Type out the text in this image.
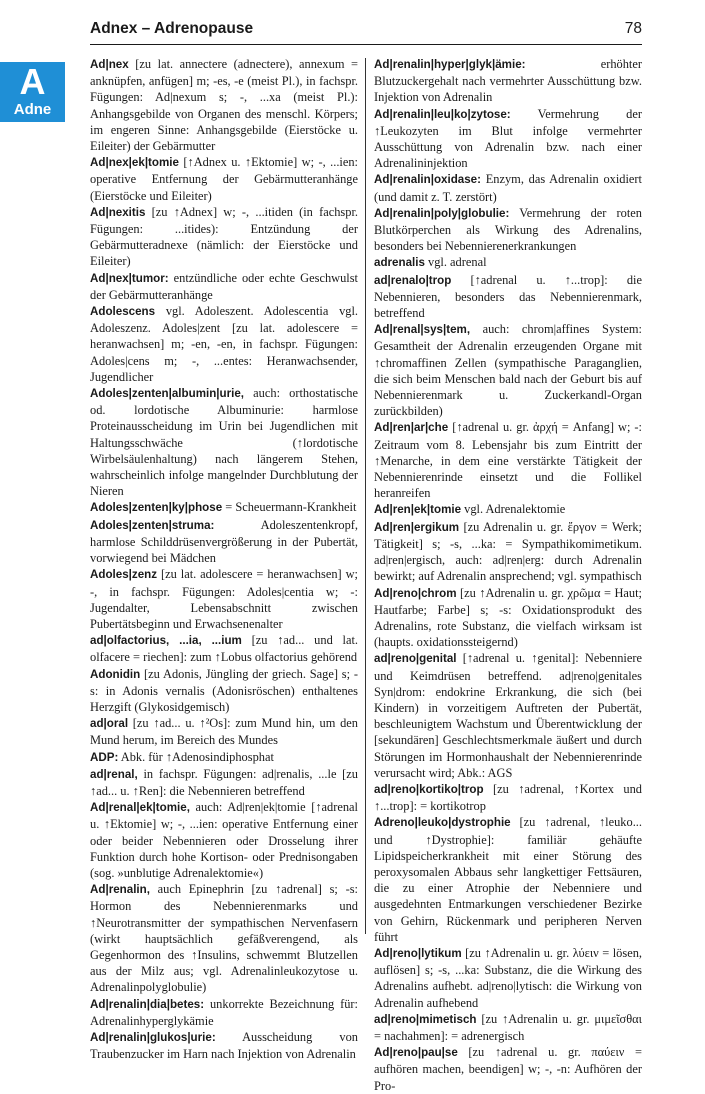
Adnex – Adrenopause	78
A
Adne

Ad|nex [zu lat. annectere (adnectere), annexum = anknüpfen, anfügen] m; -es, -e (meist Pl.), in fachspr. Fügungen: Ad|nexum s; -, ...xa (meist Pl.): Anhangsgebilde von Organen des menschl. Körpers; im engeren Sinne: Anhangsgebilde (Eierstöcke u. Eileiter) der Gebärmutter

Ad|nex|ek|tomie [↑Adnex u. ↑Ektomie] w; -, ...ien: operative Entfernung der Gebärmutteranhänge (Eierstöcke und Eileiter)

Ad|nexitis [zu ↑Adnex] w; -, ...itiden (in fachspr. Fügungen: ...itides): Entzündung der Gebärmutteradnexe (nämlich: der Eierstöcke und Eileiter)

Ad|nex|tumor: entzündliche oder echte Geschwulst der Gebärmutteranhänge

Adolescens vgl. Adoleszent. Adolescentia vgl. Adoleszenz. Adoles|zent [zu lat. adolescere = heranwachsen] m; -en, -en, in fachspr. Fügungen: Adoles|cens m; -, ...entes: Heranwachsender, Jugendlicher

Adoles|zenten|albumin|urie, auch: orthostatische od. lordotische Albuminurie: harmlose Proteinausscheidung im Urin bei Jugendlichen mit Haltungsschwäche (↑lordotische Wirbelsäulenhaltung) nach längerem Stehen, wahrscheinlich infolge mangelnder Durchblutung der Nieren

Adoles|zenten|ky|phose = Scheuermann-Krankheit

Adoles|zenten|struma: Adoleszentenkropf, harmlose Schilddrüsenvergrößerung in der Pubertät, vorwiegend bei Mädchen

Adoles|zenz [zu lat. adolescere = heranwachsen] w; -, in fachspr. Fügungen: Adoles|centia w; -: Jugendalter, Lebensabschnitt zwischen Pubertätsbeginn und Erwachsenenalter

ad|olfactorius, ...ia, ...ium [zu ↑ad... und lat. olfacere = riechen]: zum ↑Lobus olfactorius gehörend

Adonidin [zu Adonis, Jüngling der griech. Sage] s; -s: in Adonis vernalis (Adonisröschen) enthaltenes Herzgift (Glykosidgemisch)

ad|oral [zu ↑ad... u. ↑²Os]: zum Mund hin, um den Mund herum, im Bereich des Mundes

ADP: Abk. für ↑Adenosindiphosphat

ad|renal, in fachspr. Fügungen: ad|renalis, ...le [zu ↑ad... u. ↑Ren]: die Nebennieren betreffend

Ad|renal|ek|tomie, auch: Ad|ren|ek|tomie [↑adrenal u. ↑Ektomie] w; -, ...ien: operative Entfernung einer oder beider Nebennieren oder Drosselung ihrer Funktion durch hohe Kortison- oder Prednisongaben (sog. »unblutige Adrenalektomie«)

Ad|renalin, auch Epinephrin [zu ↑adrenal] s; -s: Hormon des Nebennierenmarks und ↑Neurotransmitter der sympathischen Nervenfasern (wirkt hauptsächlich gefäßverengend, als Gegenhormon des ↑Insulins, schwemmt Blutzellen aus der Milz aus; vgl. Adrenalinleukozytose u. Adrenalinpolyglobulie)

Ad|renalin|dia|betes: unkorrekte Bezeichnung für: Adrenalinhyperglykämie

Ad|renalin|glukos|urie: Ausscheidung von Traubenzucker im Harn nach Injektion von Adrenalin

Ad|renalin|hyper|glyk|ämie: erhöhter Blutzuckergehalt nach vermehrter Ausschüttung bzw. Injektion von Adrenalin

Ad|renalin|leu|ko|zytose: Vermehrung der ↑Leukozyten im Blut infolge vermehrter Ausschüttung von Adrenalin bzw. nach einer Adrenalininjektion

Ad|renalin|oxidase: Enzym, das Adrenalin oxidiert (und damit z. T. zerstört)

Ad|renalin|poly|globulie: Vermehrung der roten Blutkörperchen als Wirkung des Adrenalins, besonders bei Nebennierenerkrankungen

adrenalis vgl. adrenal

ad|renalo|trop [↑adrenal u. ↑...trop]: die Nebennieren, besonders das Nebennierenmark, betreffend

Ad|renal|sys|tem, auch: chrom|affines System: Gesamtheit der Adrenalin erzeugenden Organe mit ↑chromaffinen Zellen (sympathische Paraganglien, die sich beim Menschen bald nach der Geburt bis auf Nebennierenmark u. Zuckerkandl-Organ zurückbilden)

Ad|ren|ar|che [↑adrenal u. gr. ἀρχή = Anfang] w; -: Zeitraum vom 8. Lebensjahr bis zum Eintritt der ↑Menarche, in dem eine verstärkte Tätigkeit der Nebennierenrinde einsetzt und die Follikel heranreifen

Ad|ren|ek|tomie vgl. Adrenalektomie

Ad|ren|ergikum [zu Adrenalin u. gr. ἔργον = Werk; Tätigkeit] s; -s, ...ka: = Sympathikomimetikum. ad|ren|ergisch, auch: ad|ren|erg: durch Adrenalin bewirkt; auf Adrenalin ansprechend; vgl. sympathisch

Ad|reno|chrom [zu ↑Adrenalin u. gr. χρῶμα = Haut; Hautfarbe; Farbe] s; -s: Oxidationsprodukt des Adrenalins, rote Substanz, die vielfach wirksam ist (haupts. oxidationssteigernd)

ad|reno|genital [↑adrenal u. ↑genital]: Nebenniere und Keimdrüsen betreffend. ad|reno|genitales Syn|drom: endokrine Erkrankung, die sich (bei Kindern) in vorzeitigem Auftreten der Pubertät, beschleunigtem Wachstum und Überentwicklung der [sekundären] Geschlechtsmerkmale äußert und durch Störungen im Hormonhaushalt der Nebennierenrinde verursacht wird; Abk.: AGS

ad|reno|kortiko|trop [zu ↑adrenal, ↑Kortex und ↑...trop]: = kortikotrop

Adreno|leuko|dystrophie [zu ↑adrenal, ↑leuko... und ↑Dystrophie]: familiär gehäufte Lipidspeicherkrankheit mit einer Störung des peroxysomalen Abbaus sehr langkettiger Fettsäuren, die zu einer Atrophie der Nebenniere und ausgedehnten Entmarkungen verschiedener Bezirke von Gehirn, Rückenmark und peripheren Nerven führt

Ad|reno|lytikum [zu ↑Adrenalin u. gr. λύειν = lösen, auflösen] s; -s, ...ka: Substanz, die die Wirkung des Adrenalins aufhebt. ad|reno|lytisch: die Wirkung von Adrenalin aufhebend

ad|reno|mimetisch [zu ↑Adrenalin u. gr. μιμεῖσθαι = nachahmen]: = adrenergisch

Ad|reno|pau|se [zu ↑adrenal u. gr. παύειν = aufhören machen, beendigen] w; -, -n: Aufhören der Pro-
